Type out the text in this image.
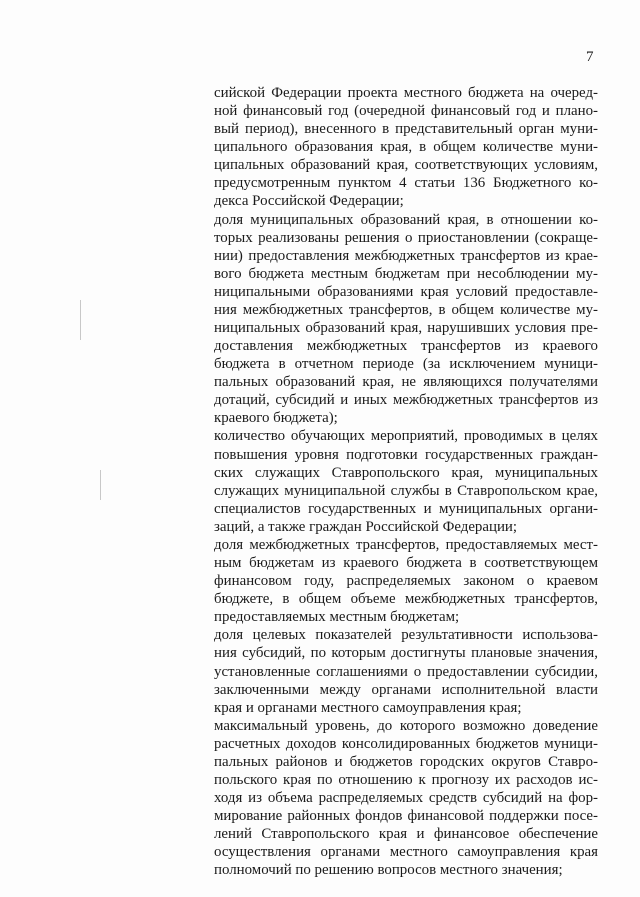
7
сийской Федерации проекта местного бюджета на очеред-
ной финансовый год (очередной финансовый год и плано-
вый период), внесенного в представительный орган муни-
ципального образования края, в общем количестве муни-
ципальных образований края, соответствующих условиям,
предусмотренным пунктом 4 статьи 136 Бюджетного ко-
декса Российской Федерации;
доля муниципальных образований края, в отношении ко-
торых реализованы решения о приостановлении (сокраще-
нии) предоставления межбюджетных трансфертов из крае-
вого бюджета местным бюджетам при несоблюдении му-
ниципальными образованиями края условий предоставле-
ния межбюджетных трансфертов, в общем количестве му-
ниципальных образований края, нарушивших условия пре-
доставления межбюджетных трансфертов из краевого
бюджета в отчетном периоде (за исключением муници-
пальных образований края, не являющихся получателями
дотаций, субсидий и иных межбюджетных трансфертов из
краевого бюджета);
количество обучающих мероприятий, проводимых в целях
повышения уровня подготовки государственных граждан-
ских служащих Ставропольского края, муниципальных
служащих муниципальной службы в Ставропольском крае,
специалистов государственных и муниципальных органи-
заций, а также граждан Российской Федерации;
доля межбюджетных трансфертов, предоставляемых мест-
ным бюджетам из краевого бюджета в соответствующем
финансовом году, распределяемых законом о краевом
бюджете, в общем объеме межбюджетных трансфертов,
предоставляемых местным бюджетам;
доля целевых показателей результативности использова-
ния субсидий, по которым достигнуты плановые значения,
установленные соглашениями о предоставлении субсидии,
заключенными между органами исполнительной власти
края и органами местного самоуправления края;
максимальный уровень, до которого возможно доведение
расчетных доходов консолидированных бюджетов муници-
пальных районов и бюджетов городских округов Ставро-
польского края по отношению к прогнозу их расходов ис-
ходя из объема распределяемых средств субсидий на фор-
мирование районных фондов финансовой поддержки посе-
лений Ставропольского края и финансовое обеспечение
осуществления органами местного самоуправления края
полномочий по решению вопросов местного значения;
